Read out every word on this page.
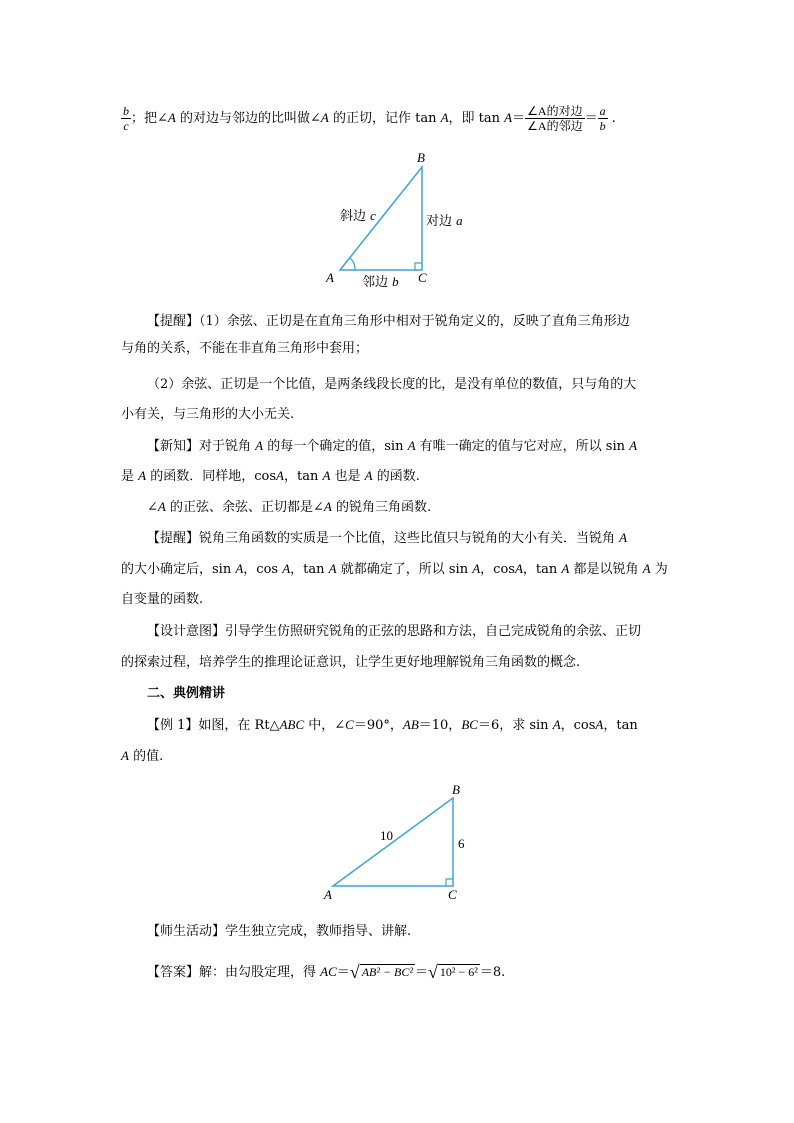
$\frac{b}{c}$ ；把∠A 的对边与邻边的比叫做∠A 的正切，记作 tan A，即 $\tan A= \frac{\text{∠A的对边}}{\text{∠A的邻边}} = \frac{a}{b}$ .
B
A	C
斜边 c	对边 a
邻边 b
【提醒】（1）余弦、正切是在直角三角形中相对于锐角定义的，反映了直角三角形边
与角的关系，不能在非直角三角形中套用；
（2）余弦、正切是一个比值，是两条线段长度的比，是没有单位的数值，只与角的大
小有关，与三角形的大小无关.
【新知】对于锐角 A 的每一个确定的值，sin A 有唯一确定的值与它对应，所以 sin A
是 A 的函数．同样地，cosA，tan A 也是 A 的函数.
∠A 的正弦、余弦、正切都是∠A 的锐角三角函数.
【提醒】锐角三角函数的实质是一个比值，这些比值只与锐角的大小有关．当锐角 A
的大小确定后，sin A，cos A，tan A 就都确定了，所以 sin A，cosA，tan A 都是以锐角 A 为
自变量的函数.
【设计意图】引导学生仿照研究锐角的正弦的思路和方法，自己完成锐角的余弦、正切
的探索过程，培养学生的推理论证意识，让学生更好地理解锐角三角函数的概念.
二、典例精讲
【例 1】如图，在 Rt△ABC 中，∠C＝90°，AB＝10，BC＝6，求 sin A，cosA，tan
A 的值.
B
A	C
10
6
【师生活动】学生独立完成，教师指导、讲解.
【答案】解：由勾股定理，得 AC＝√ AB² − BC² ＝√ 10² − 6² ＝8.
